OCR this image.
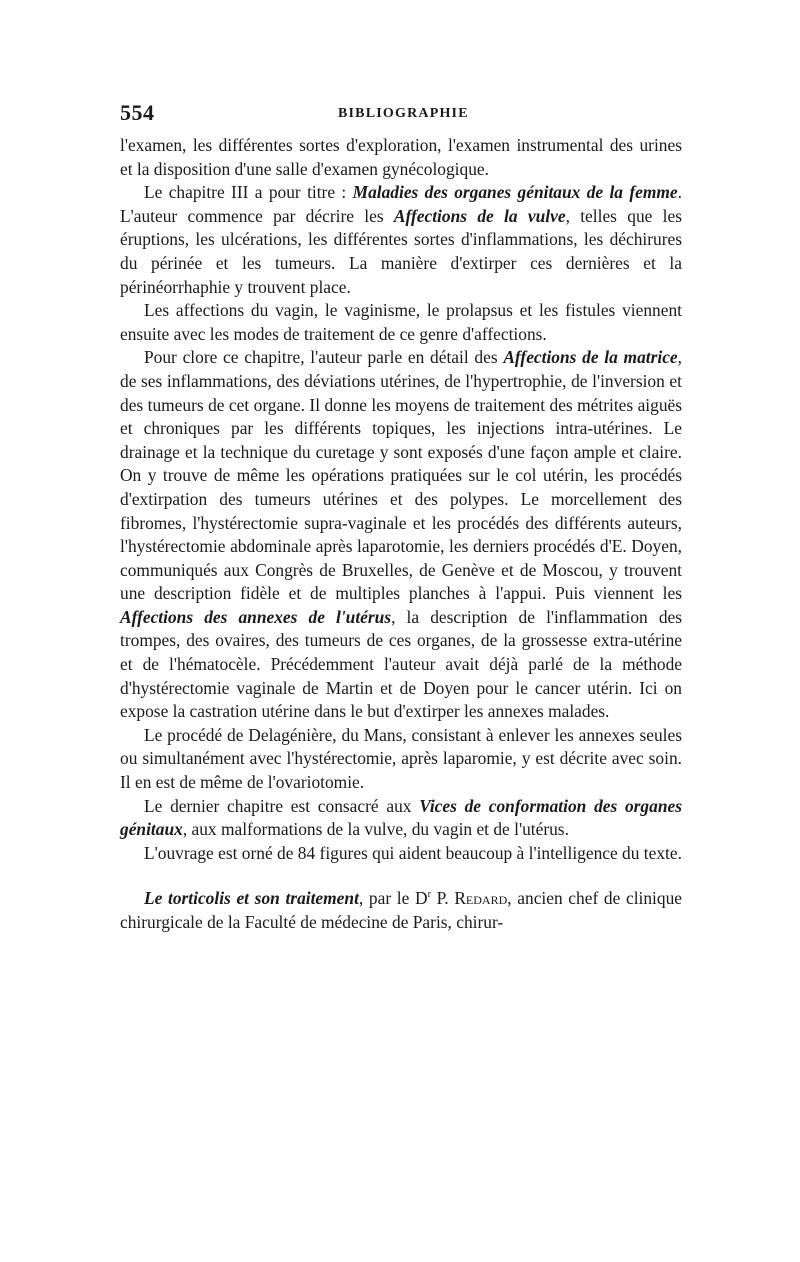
554	BIBLIOGRAPHIE

l'examen, les différentes sortes d'exploration, l'examen instrumental des urines et la disposition d'une salle d'examen gynécologique.

Le chapitre III a pour titre : Maladies des organes génitaux de la femme. L'auteur commence par décrire les Affections de la vulve, telles que les éruptions, les ulcérations, les différentes sortes d'inflammations, les déchirures du périnée et les tumeurs. La manière d'extirper ces dernières et la périnéorrhaphie y trouvent place.

Les affections du vagin, le vaginisme, le prolapsus et les fistules viennent ensuite avec les modes de traitement de ce genre d'affections.

Pour clore ce chapitre, l'auteur parle en détail des Affections de la matrice, de ses inflammations, des déviations utérines, de l'hypertrophie, de l'inversion et des tumeurs de cet organe. Il donne les moyens de traitement des métrites aiguës et chroniques par les différents topiques, les injections intra-utérines. Le drainage et la technique du curetage y sont exposés d'une façon ample et claire. On y trouve de même les opérations pratiquées sur le col utérin, les procédés d'extirpation des tumeurs utérines et des polypes. Le morcellement des fibromes, l'hystérectomie supra-vaginale et les procédés des différents auteurs, l'hystérectomie abdominale après laparotomie, les derniers procédés d'E. Doyen, communiqués aux Congrès de Bruxelles, de Genève et de Moscou, y trouvent une description fidèle et de multiples planches à l'appui. Puis viennent les Affections des annexes de l'utérus, la description de l'inflammation des trompes, des ovaires, des tumeurs de ces organes, de la grossesse extra-utérine et de l'hématocèle. Précédemment l'auteur avait déjà parlé de la méthode d'hystérectomie vaginale de Martin et de Doyen pour le cancer utérin. Ici on expose la castration utérine dans le but d'extirper les annexes malades.

Le procédé de Delagénière, du Mans, consistant à enlever les annexes seules ou simultanément avec l'hystérectomie, après laparomie, y est décrite avec soin. Il en est de même de l'ovariotomie.

Le dernier chapitre est consacré aux Vices de conformation des organes génitaux, aux malformations de la vulve, du vagin et de l'utérus.

L'ouvrage est orné de 84 figures qui aident beaucoup à l'intelligence du texte.

Le torticolis et son traitement, par le $D^r$ P. Redard, ancien chef de clinique chirurgicale de la Faculté de médecine de Paris, chirur-
